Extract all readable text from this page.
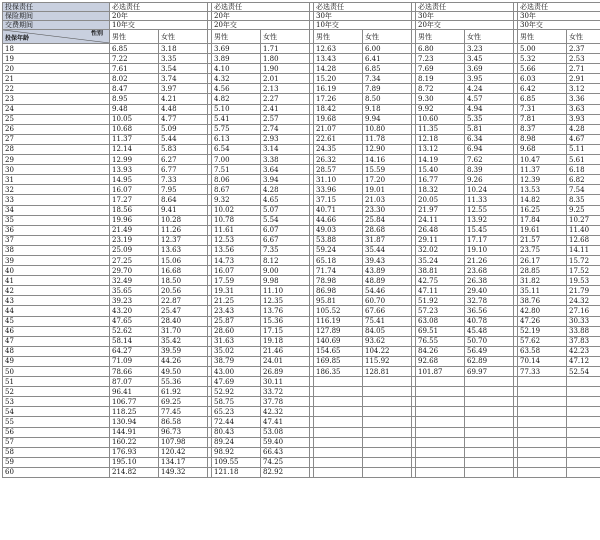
投保责任	必选责任			必选责任			必选责任			必选责任			必选责任	
保险期间	20年			20年			30年			30年			30年	
交费期间	10年交			20年交			10年交			20年交			30年交	

性别
投保年龄	男性	女性		男性	女性		男性	女性		男性	女性		男性	女性
18	6.85	3.18		3.69	1.71		12.63	6.00		6.80	3.23		5.00	2.37
19	7.22	3.35		3.89	1.80		13.43	6.41		7.23	3.45		5.32	2.53
20	7.61	3.54		4.10	1.90		14.28	6.85		7.69	3.69		5.66	2.71
21	8.02	3.74		4.32	2.01		15.20	7.34		8.19	3.95		6.03	2.91
22	8.47	3.97		4.56	2.13		16.19	7.89		8.72	4.24		6.42	3.12
23	8.95	4.21		4.82	2.27		17.26	8.50		9.30	4.57		6.85	3.36
24	9.48	4.48		5.10	2.41		18.42	9.18		9.92	4.94		7.31	3.63
25	10.05	4.77		5.41	2.57		19.68	9.94		10.60	5.35		7.81	3.93
26	10.68	5.09		5.75	2.74		21.07	10.80		11.35	5.81		8.37	4.28
27	11.37	5.44		6.13	2.93		22.61	11.78		12.18	6.34		8.98	4.67
28	12.14	5.83		6.54	3.14		24.35	12.90		13.12	6.94		9.68	5.11
29	12.99	6.27		7.00	3.38		26.32	14.16		14.19	7.62		10.47	5.61
30	13.93	6.77		7.51	3.64		28.57	15.59		15.40	8.39		11.37	6.18
31	14.95	7.33		8.06	3.94		31.10	17.20		16.77	9.26		12.39	6.82
32	16.07	7.95		8.67	4.28		33.96	19.01		18.32	10.24		13.53	7.54
33	17.27	8.64		9.32	4.65		37.15	21.03		20.05	11.33		14.82	8.35
34	18.56	9.41		10.02	5.07		40.71	23.30		21.97	12.55		16.25	9.25
35	19.96	10.28		10.78	5.54		44.66	25.84		24.11	13.92		17.84	10.27
36	21.49	11.26		11.61	6.07		49.03	28.68		26.48	15.45		19.61	11.40
37	23.19	12.37		12.53	6.67		53.88	31.87		29.11	17.17		21.57	12.68
38	25.09	13.63		13.56	7.35		59.24	35.44		32.02	19.10		23.75	14.11
39	27.25	15.06		14.73	8.12		65.18	39.43		35.24	21.26		26.17	15.72
40	29.70	16.68		16.07	9.00		71.74	43.89		38.81	23.68		28.85	17.52
41	32.49	18.50		17.59	9.98		78.98	48.89		42.75	26.38		31.82	19.53
42	35.65	20.56		19.31	11.10		86.98	54.46		47.11	29.40		35.11	21.79
43	39.23	22.87		21.25	12.35		95.81	60.70		51.92	32.78		38.76	24.32
44	43.20	25.47		23.43	13.76		105.52	67.66		57.23	36.56		42.80	27.16
45	47.65	28.40		25.87	15.36		116.19	75.41		63.08	40.78		47.26	30.33
46	52.62	31.70		28.60	17.15		127.89	84.05		69.51	45.48		52.19	33.88
47	58.14	35.42		31.63	19.18		140.69	93.62		76.55	50.70		57.62	37.83
48	64.27	39.59		35.02	21.46		154.65	104.22		84.26	56.49		63.58	42.23
49	71.09	44.26		38.79	24.01		169.85	115.92		92.68	62.89		70.14	47.12
50	78.66	49.50		43.00	26.89		186.35	128.81		101.87	69.97		77.33	52.54
51	87.07	55.36		47.69	30.11									
52	96.41	61.92		52.92	33.72									
53	106.77	69.25		58.75	37.78									
54	118.25	77.45		65.23	42.32									
55	130.94	86.58		72.44	47.41									
56	144.91	96.73		80.43	53.08									
57	160.22	107.98		89.24	59.40									
58	176.93	120.42		98.92	66.43									
59	195.10	134.17		109.55	74.25									
60	214.82	149.32		121.18	82.92									
